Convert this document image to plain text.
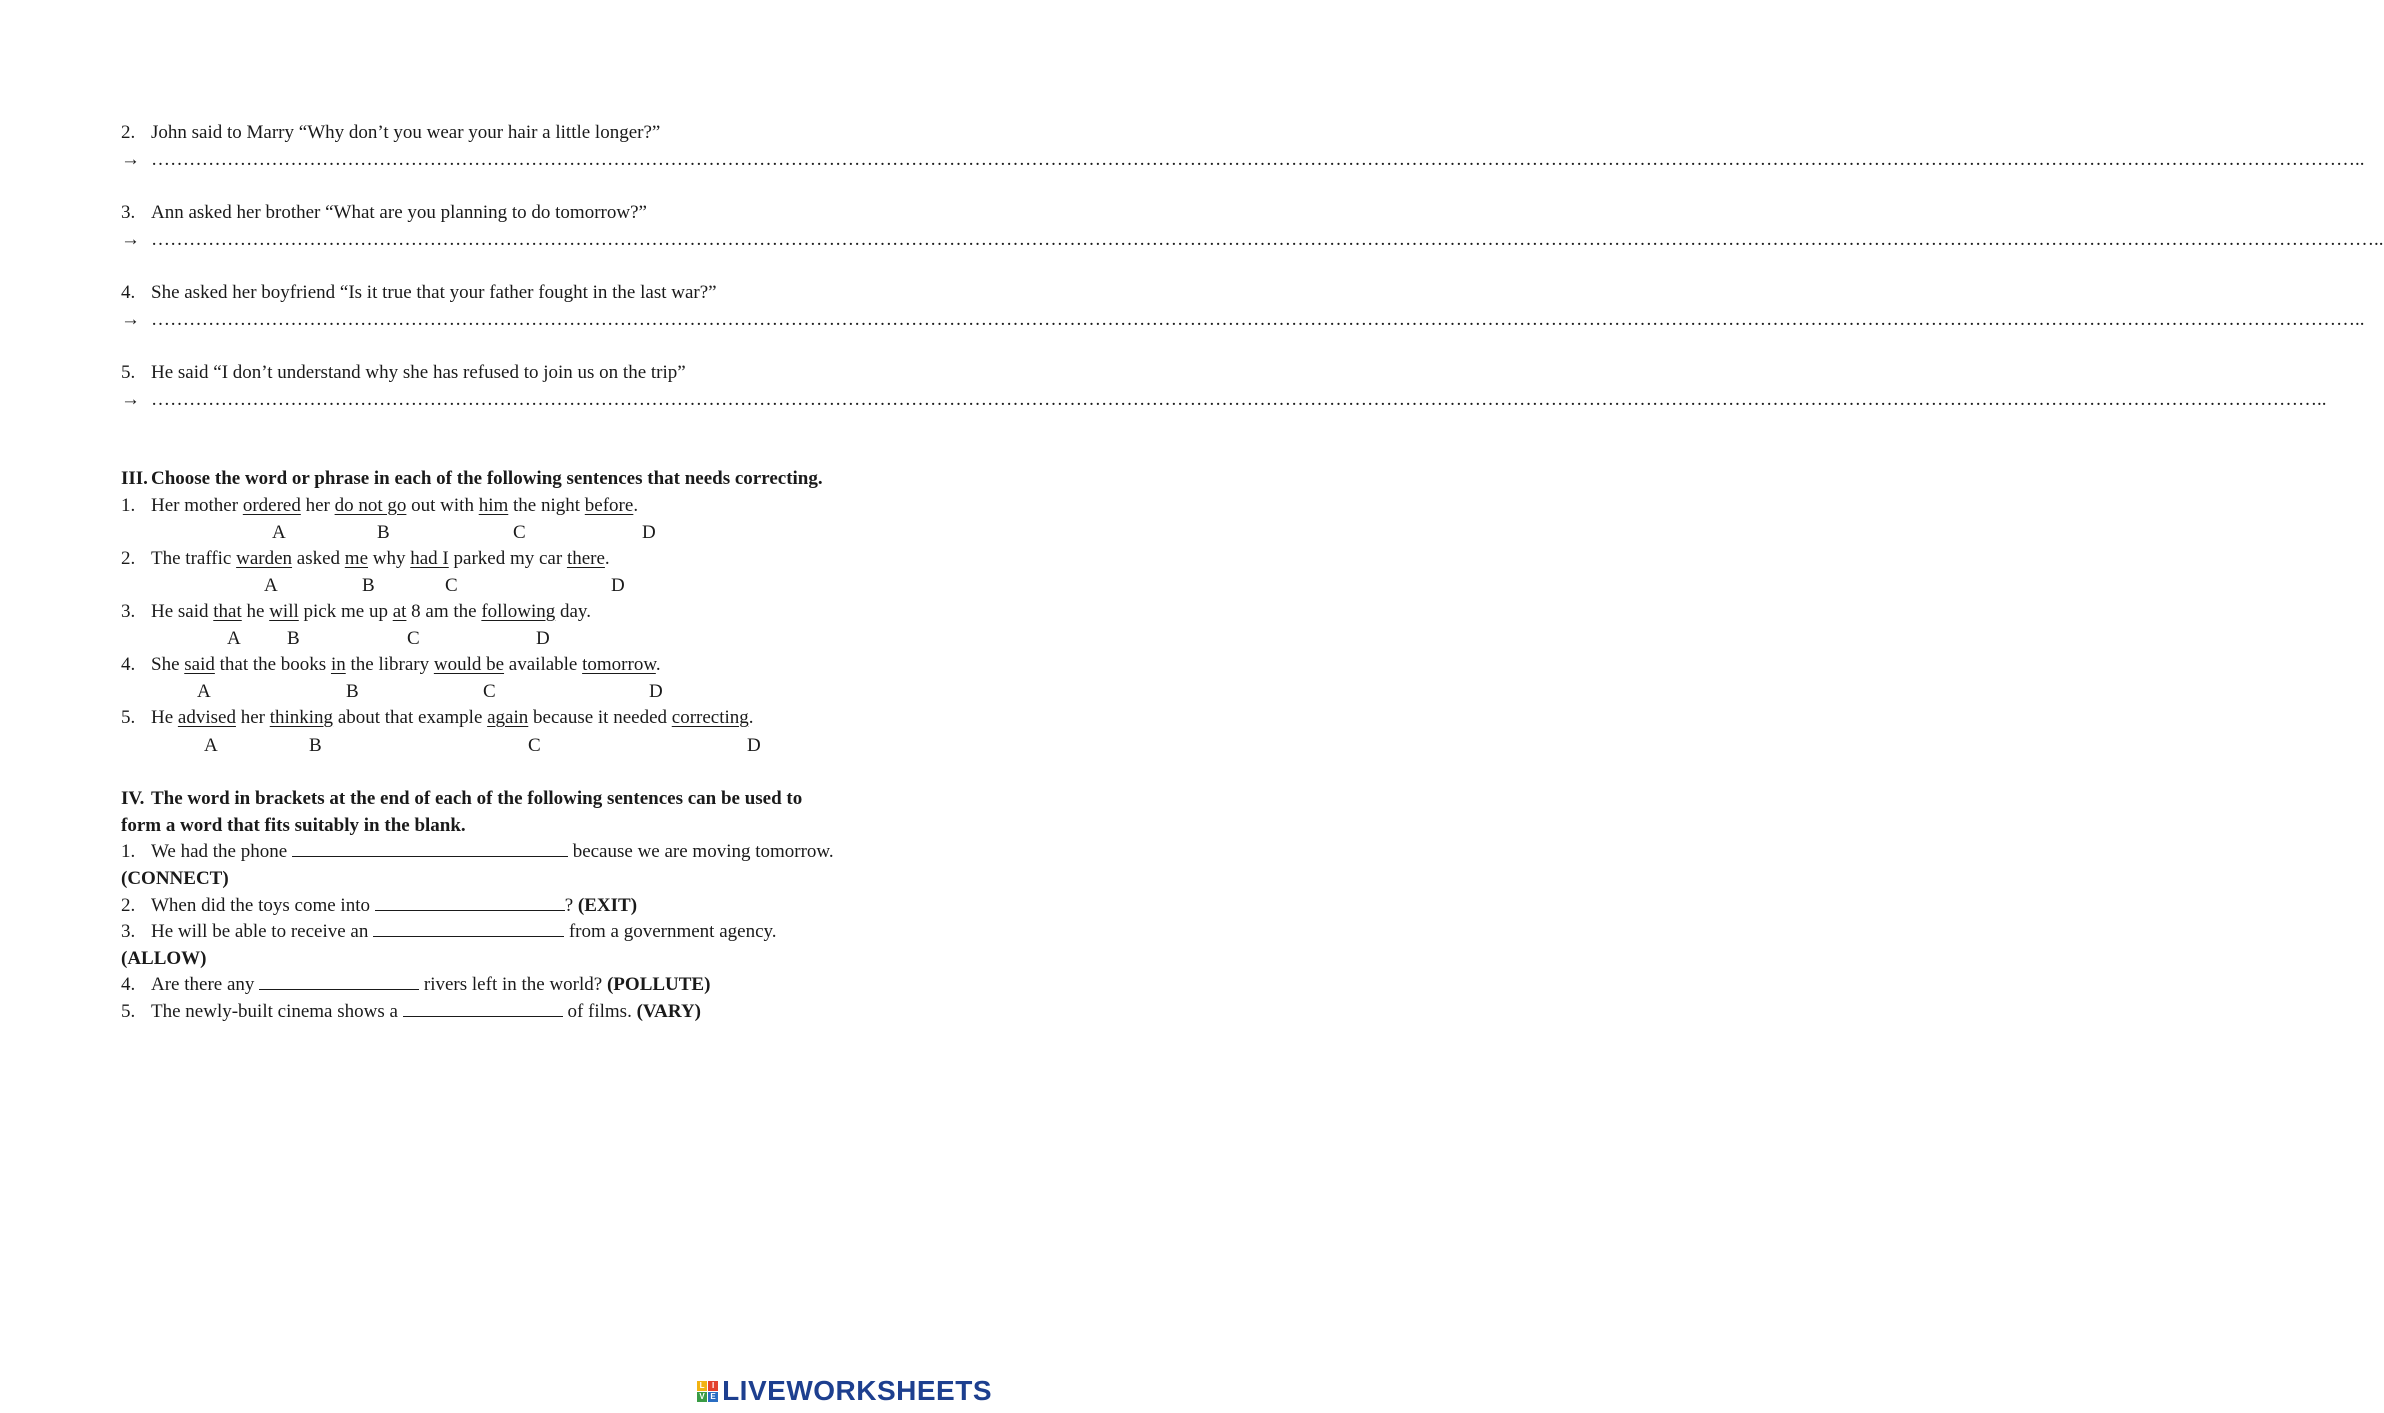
2. John said to Marry “Why don’t you wear your hair a little longer?”
→ ……………………………………………………………………………………………………………………………………………………………………………………………………………………………………………………………………………………………………………………..
3. Ann asked her brother “What are you planning to do tomorrow?”
→ ………………………………………………………………………………………………………………………………………………………………………………………………………………………………………………………………………………………………………………………..
4. She asked her boyfriend “Is it true that your father fought in the last war?”
→ ……………………………………………………………………………………………………………………………………………………………………………………………………………………………………………………………………………………………………………………..
5. He said “I don’t understand why she has refused to join us on the trip”
→ ………………………………………………………………………………………………………………………………………………………………………………………………………………………………………………………………………………………………………………..
III. Choose the word or phrase in each of the following sentences that needs correcting.
1. Her mother ordered her do not go out with him the night before.
A	B	C	D
2. The traffic warden asked me why had I parked my car there.
A	B	C	D
3. He said that he will pick me up at 8 am the following day.
A B	C	D
4. She said that the books in the library would be available tomorrow.
A	B	C	D
5. He advised her thinking about that example again because it needed correcting.
A	B	C	D
IV. The word in brackets at the end of each of the following sentences can be used to
form a word that fits suitably in the blank.
1. We had the phone	because we are moving tomorrow.
(CONNECT)
2. When did the toys come into	? (EXIT)
3. He will be able to receive an	from a government agency.
(ALLOW)
4. Are there any	rivers left in the world? (POLLUTE)
5. The newly-built cinema shows a	of films. (VARY)
L I
V E LIVEWORKSHEETS
